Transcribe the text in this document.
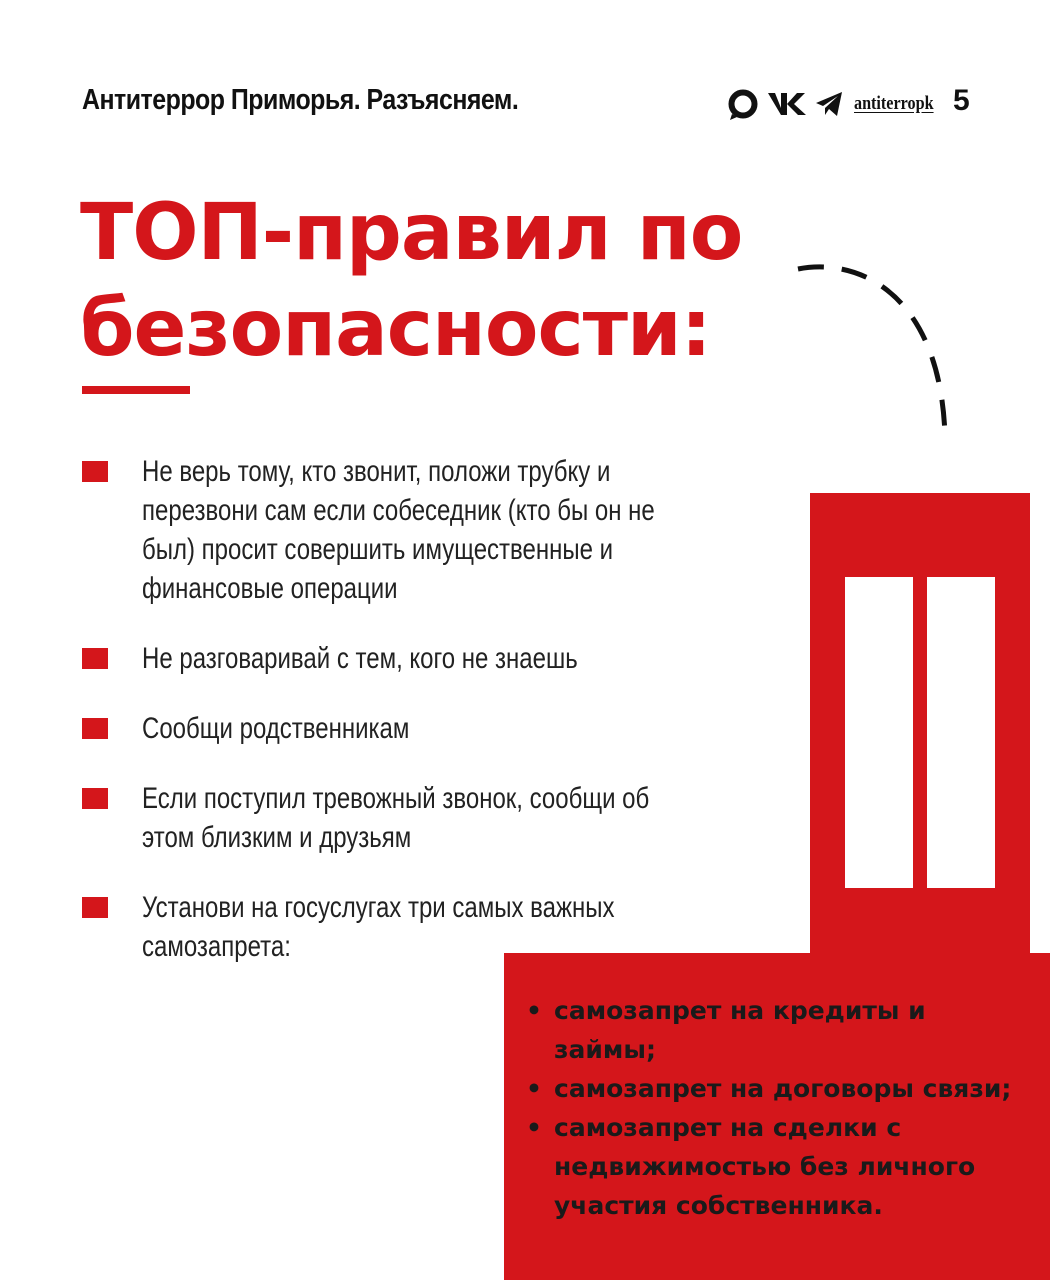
Антитеррор Приморья. Разъясняем.	antiterropk 5
ТОП-правил по
безопасности:
Не верь тому, кто звонит, положи трубку и перезвони сам если собеседник (кто бы он не был) просит совершить имущественные и финансовые операции
Не разговаривай с тем, кого не знаешь
Сообщи родственникам
Если поступил тревожный звонок, сообщи об этом близким и друзьям
Установи на госуслугах три самых важных самозапрета:
• самозапрет на кредиты и займы;
• самозапрет на договоры связи;
• самозапрет на сделки с недвижимостью без личного участия собственника.
